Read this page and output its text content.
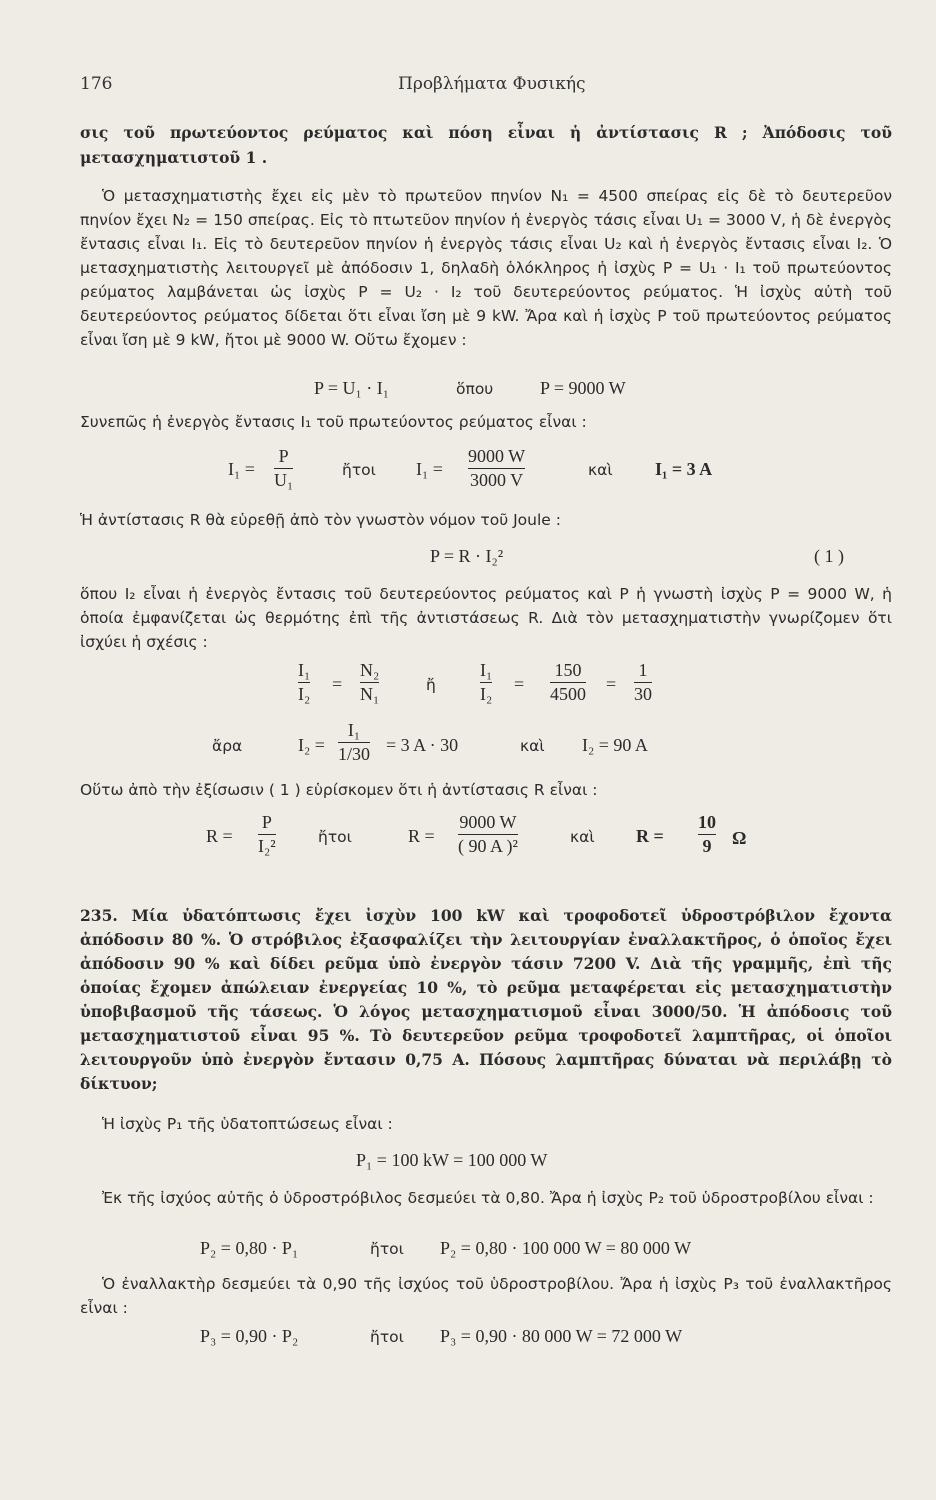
176	Προβλήματα Φυσικής

σις τοῦ πρωτεύοντος ρεύματος καὶ πόση εἶναι ἡ ἀντίστασις R ; Ἀπόδοσις τοῦ μετασχηματιστοῦ 1 .

Ὁ μετασχηματιστὴς ἔχει εἰς μὲν τὸ πρωτεῦον πηνίον N₁ = 4500 σπείρας εἰς δὲ τὸ δευτερεῦον πηνίον ἔχει N₂ = 150 σπείρας. Εἰς τὸ πτωτεῦον πηνίον ἡ ἐνεργὸς τάσις εἶναι U₁ = 3000 V, ἡ δὲ ἐνεργὸς ἔντασις εἶναι I₁. Εἰς τὸ δευτερεῦον πηνίον ἡ ἐνεργὸς τάσις εἶναι U₂ καὶ ἡ ἐνεργὸς ἔντασις εἶναι I₂. Ὁ μετασχηματιστὴς λειτουργεῖ μὲ ἀπόδοσιν 1, δηλαδὴ ὁλόκληρος ἡ ἰσχὺς P = U₁ · I₁ τοῦ πρωτεύοντος ρεύματος λαμβάνεται ὡς ἰσχὺς P = U₂ · I₂ τοῦ δευτερεύοντος ρεύματος. Ἡ ἰσχὺς αὐτὴ τοῦ δευτερεύοντος ρεύματος δίδεται ὅτι εἶναι ἴση μὲ 9 kW. Ἄρα καὶ ἡ ἰσχὺς P τοῦ πρωτεύοντος ρεύματος εἶναι ἴση μὲ 9 kW, ἤτοι μὲ 9000 W. Οὕτω ἔχομεν :

P = U₁ · I₁	ὅπου	P = 9000 W

Συνεπῶς ἡ ἐνεργὸς ἔντασις I₁ τοῦ πρωτεύοντος ρεύματος εἶναι :

I₁ =
P
U₁	ἤτοι I₁ =
9000 W
3000 V	καὶ I₁ = 3 A

Ἡ ἀντίστασις R θὰ εὑρεθῇ ἀπὸ τὸν γνωστὸν νόμον τοῦ Joule :

P = R · I₂²	( 1 )

ὅπου I₂ εἶναι ἡ ἐνεργὸς ἔντασις τοῦ δευτερεύοντος ρεύματος καὶ P ἡ γνωστὴ ἰσχὺς P = 9000 W, ἡ ὁποία ἐμφανίζεται ὡς θερμότης ἐπὶ τῆς ἀντιστάσεως R. Διὰ τὸν μετασχηματιστὴν γνωρίζομεν ὅτι ἰσχύει ἡ σχέσις :

I₁
I₂ =
N₂
N₁	ἤ
I₁
I₂ =
150
4500 =
1
30
ἄρα	I₂ =
I₁
1/30 = 3 A · 30	καὶ I₂ = 90 A

Οὕτω ἀπὸ τὴν ἐξίσωσιν ( 1 ) εὑρίσκομεν ὅτι ἡ ἀντίστασις R εἶναι :

R =
P
I₂²	ἤτοι	R =
9000 W
( 90 A )²	καὶ R =
10
9 Ω

235. Μία ὑδατόπτωσις ἔχει ἰσχὺν 100 kW καὶ τροφοδοτεῖ ὑδροστρόβιλον ἔχοντα ἀπόδοσιν 80 %. Ὁ στρόβιλος ἐξασφαλίζει τὴν λειτουργίαν ἐναλλακτῆρος, ὁ ὁποῖος ἔχει ἀπόδοσιν 90 % καὶ δίδει ρεῦμα ὑπὸ ἐνεργὸν τάσιν 7200 V. Διὰ τῆς γραμμῆς, ἐπὶ τῆς ὁποίας ἔχομεν ἀπώλειαν ἐνεργείας 10 %, τὸ ρεῦμα μεταφέρεται εἰς μετασχηματιστὴν ὑποβιβασμοῦ τῆς τάσεως. Ὁ λόγος μετασχηματισμοῦ εἶναι 3000/50. Ἡ ἀπόδοσις τοῦ μετασχηματιστοῦ εἶναι 95 %. Τὸ δευτερεῦον ρεῦμα τροφοδοτεῖ λαμπτῆρας, οἱ ὁποῖοι λειτουργοῦν ὑπὸ ἐνεργὸν ἔντασιν 0,75 A. Πόσους λαμπτῆρας δύναται νὰ περιλάβῃ τὸ δίκτυον;

Ἡ ἰσχὺς P₁ τῆς ὑδατοπτώσεως εἶναι :

P₁ = 100 kW = 100 000 W

Ἐκ τῆς ἰσχύος αὐτῆς ὁ ὑδροστρόβιλος δεσμεύει τὰ 0,80. Ἄρα ἡ ἰσχὺς P₂ τοῦ ὑδροστροβίλου εἶναι :

P₂ = 0,80 · P₁	ἤτοι P₂ = 0,80 · 100 000 W = 80 000 W

Ὁ ἐναλλακτὴρ δεσμεύει τὰ 0,90 τῆς ἰσχύος τοῦ ὑδροστροβίλου. Ἄρα ἡ ἰσχὺς P₃ τοῦ ἐναλλακτῆρος εἶναι :

P₃ = 0,90 · P₂	ἤτοι P₃ = 0,90 · 80 000 W = 72 000 W
